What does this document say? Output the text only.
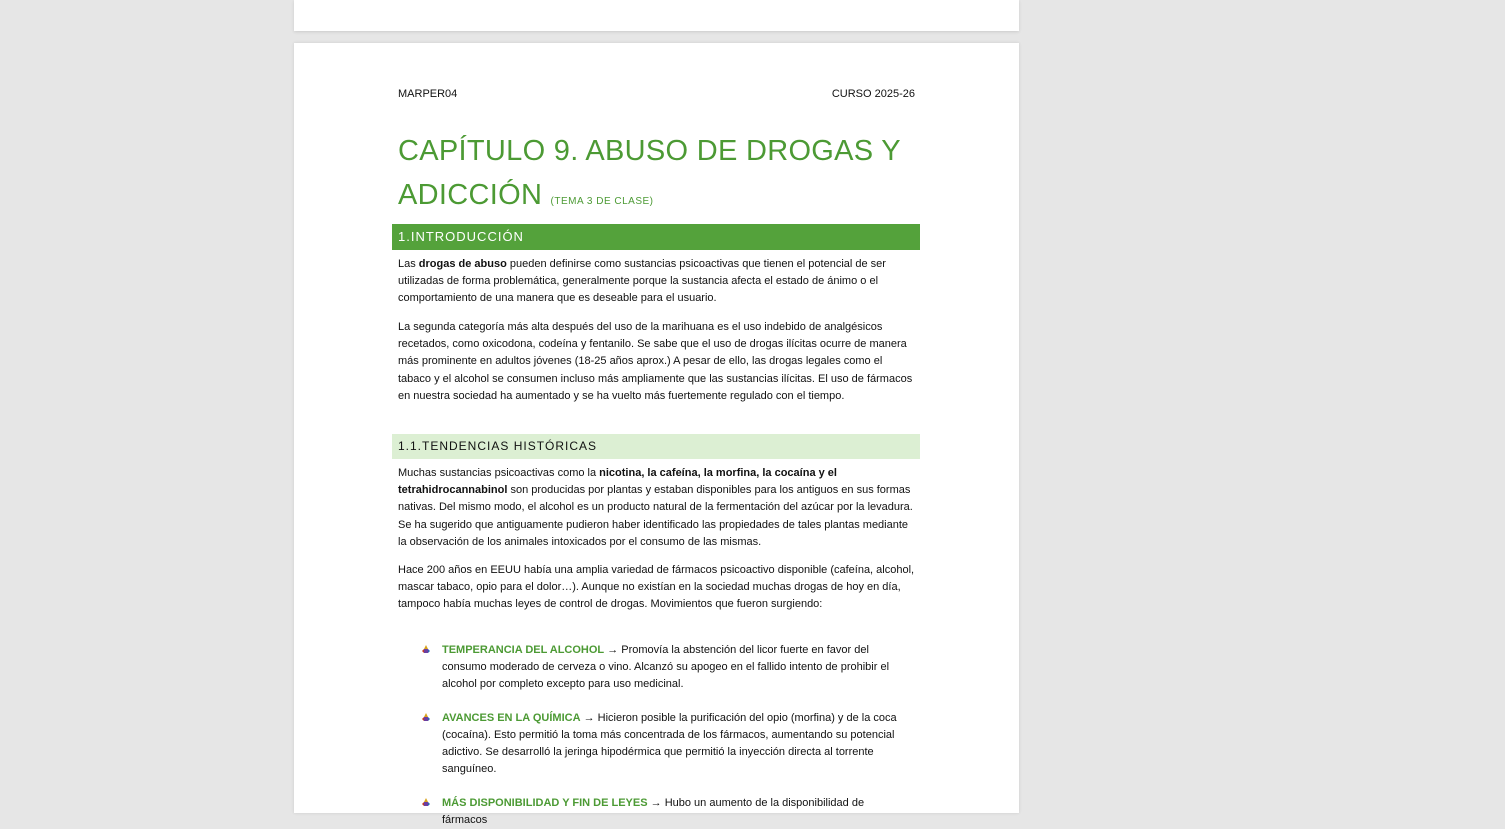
MARPER04	CURSO 2025-26
CAPÍTULO 9. ABUSO DE DROGAS Y ADICCIÓN (TEMA 3 DE CLASE)
1.INTRODUCCIÓN

Las drogas de abuso pueden definirse como sustancias psicoactivas que tienen el potencial de ser utilizadas de forma problemática, generalmente porque la sustancia afecta el estado de ánimo o el comportamiento de una manera que es deseable para el usuario.

La segunda categoría más alta después del uso de la marihuana es el uso indebido de analgésicos recetados, como oxicodona, codeína y fentanilo. Se sabe que el uso de drogas ilícitas ocurre de manera más prominente en adultos jóvenes (18-25 años aprox.) A pesar de ello, las drogas legales como el tabaco y el alcohol se consumen incluso más ampliamente que las sustancias ilícitas. El uso de fármacos en nuestra sociedad ha aumentado y se ha vuelto más fuertemente regulado con el tiempo.

1.1.TENDENCIAS HISTÓRICAS

Muchas sustancias psicoactivas como la nicotina, la cafeína, la morfina, la cocaína y el tetrahidrocannabinol son producidas por plantas y estaban disponibles para los antiguos en sus formas nativas. Del mismo modo, el alcohol es un producto natural de la fermentación del azúcar por la levadura. Se ha sugerido que antiguamente pudieron haber identificado las propiedades de tales plantas mediante la observación de los animales intoxicados por el consumo de las mismas.

Hace 200 años en EEUU había una amplia variedad de fármacos psicoactivo disponible (cafeína, alcohol, mascar tabaco, opio para el dolor…). Aunque no existían en la sociedad muchas drogas de hoy en día, tampoco había muchas leyes de control de drogas. Movimientos que fueron surgiendo:

TEMPERANCIA DEL ALCOHOL → Promovía la abstención del licor fuerte en favor del consumo moderado de cerveza o vino. Alcanzó su apogeo en el fallido intento de prohibir el alcohol por completo excepto para uso medicinal.
AVANCES EN LA QUÍMICA → Hicieron posible la purificación del opio (morfina) y de la coca (cocaína). Esto permitió la toma más concentrada de los fármacos, aumentando su potencial adictivo. Se desarrolló la jeringa hipodérmica que permitió la inyección directa al torrente sanguíneo.
MÁS DISPONIBILIDAD Y FIN DE LEYES → Hubo un aumento de la disponibilidad de fármacos
